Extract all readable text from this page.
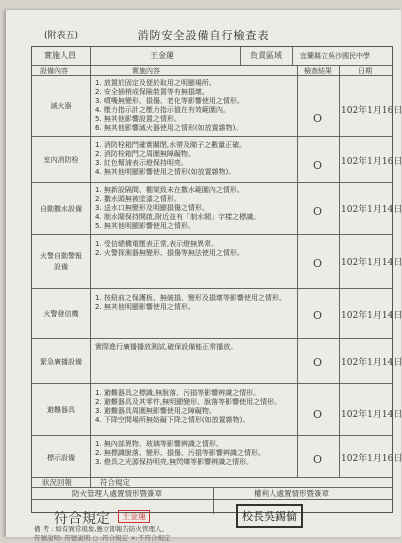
(附表五)	消防安全設備自行檢查表
實施人員	王金蓮	負責區域	宜蘭縣立吳沙國民中學
設備內容	實施內容	檢查結果	日期
滅火器
1. 放置於固定及便於取用之明顯場所。
2. 安全插梢或保險裝置等有無損壞。
3. 噴嘴無變形、損傷、老化等影響使用之情形。
4. 壓力指示計之壓力指示值在有效範圍內。
5. 無其他影響設置之情形。
6. 無其他影響滅火器使用之情形(如放置雜物)。
O
102年1月16日
室內消防栓
1. 消防栓箱門確實關閉,水帶及瞄子之數量正確。
2. 消防栓箱門之周圍無障礙物。
3. 紅色幫浦表示燈保持明亮。
4. 無其他明顯影響使用之情形(如放置雜物)。	O 102年1月16日
自動撒水設備
1. 無新設隔間、棚架致未在撒水範圍內之情形。
2. 撒水頭無被塗漆之情形。
3. 送水口無變形及明顯損傷之情形。
4. 制水閥保持開啟,附近並有「制水閥」字樣之標識。
5. 無其他明顯影響使用之情形。
O 102年1月14日
火警自動警報設備
1. 受信總機電壓表正常,表示燈無異常。
2. 火警探測器無變形、損傷等無法使用之情形。
O 102年1月14日
火警發信機
1. 按鈕前之保護板、無破損、變形及損壞等影響使用之情形。
2. 無其他明顯影響使用之情形。
O 102年1月14日
緊急廣播設備
實際進行廣播播放測試,確保設備能正常播放。
O 102年1月14日
避難器具
1. 避難器具之標識,無脫落、污損等影響辨識之情形。
2. 避難器具及其零件,無明顯變形、脫落等影響使用之情形。
3. 避難器具周圍無影響使用之障礙物。
4. 下降空間場所無妨礙下降之情形(如放置雜物)。	O 102年1月14日
標示設備
1. 無內部異物、玻璃等影響辨識之情形。
2. 無標識脫落、變形、損傷、污損等影響辨識之情形。
3. 燈具之光源保持明亮,無閃爍等影響辨識之情形。	O 102年1月16日
狀況回報	符合規定
防火管理人處置情形暨簽章	權利人處置情形暨簽章
符合規定	王金蓮	校長吳錫倫
備 考 : 如有異常現象,應立即報告防火管理人。
符號說明: 符號說明 ○ :符合規定 ×:不符合規定
